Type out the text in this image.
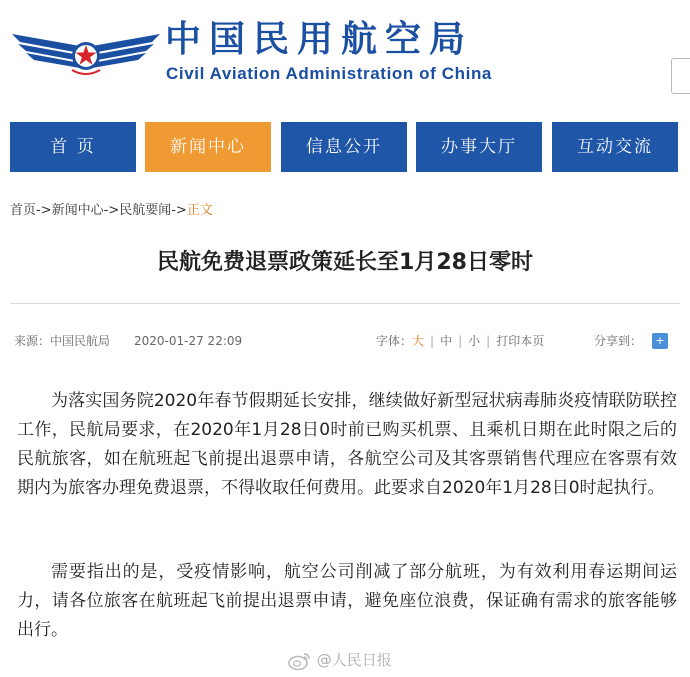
中国民用航空局
Civil Aviation Administration of China
首 页	新闻中心	信息公开	办事大厅	互动交流
首页->新闻中心->民航要闻->正文
民航免费退票政策延长至1月28日零时
来源：中国民航局 2020-01-27 22:09	字体：大 | 中 | 小 | 打印本页	分享到：	+

为落实国务院2020年春节假期延长安排，继续做好新型冠状病毒肺炎疫情联防联控工作，民航局要求，在2020年1月28日0时前已购买机票、且乘机日期在此时限之后的民航旅客，如在航班起飞前提出退票申请，各航空公司及其客票销售代理应在客票有效期内为旅客办理免费退票，不得收取任何费用。此要求自2020年1月28日0时起执行。

需要指出的是，受疫情影响，航空公司削减了部分航班，为有效利用春运期间运力，请各位旅客在航班起飞前提出退票申请，避免座位浪费，保证确有需求的旅客能够出行。

@人民日报
